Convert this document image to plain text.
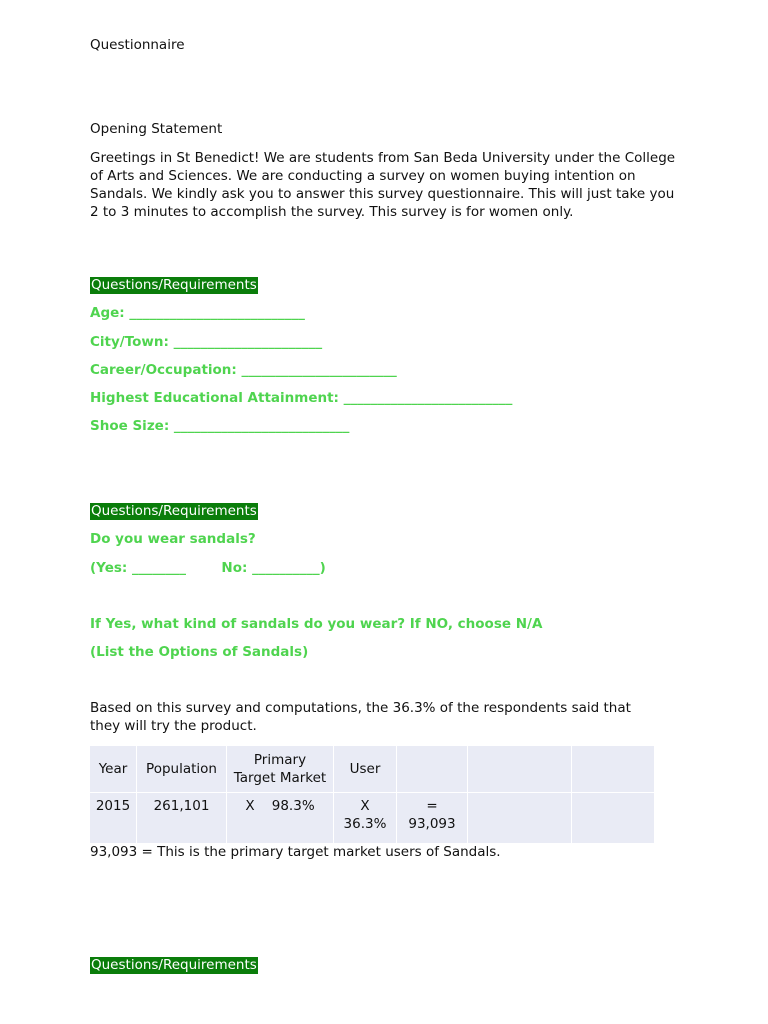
Questionnaire
Opening Statement
Greetings in St Benedict! We are students from San Beda University under the College of Arts and Sciences. We are conducting a survey on women buying intention on Sandals. We kindly ask you to answer this survey questionnaire. This will just take you 2 to 3 minutes to accomplish the survey. This survey is for women only.
Questions/Requirements
Age: __________________________
City/Town: ______________________
Career/Occupation: _______________________
Highest Educational Attainment: _________________________
Shoe Size: __________________________
Questions/Requirements
Do you wear sandals?
(Yes: ________	No: __________)
If Yes, what kind of sandals do you wear? If NO, choose N/A
(List the Options of Sandals)
Based on this survey and computations, the 36.3% of the respondents said that they will try the product.
Year	Population	Primary Target Market	User			
2015	261,101	X    98.3%	X 36.3%	= 93,093		
93,093 = This is the primary target market users of Sandals.
Questions/Requirements
